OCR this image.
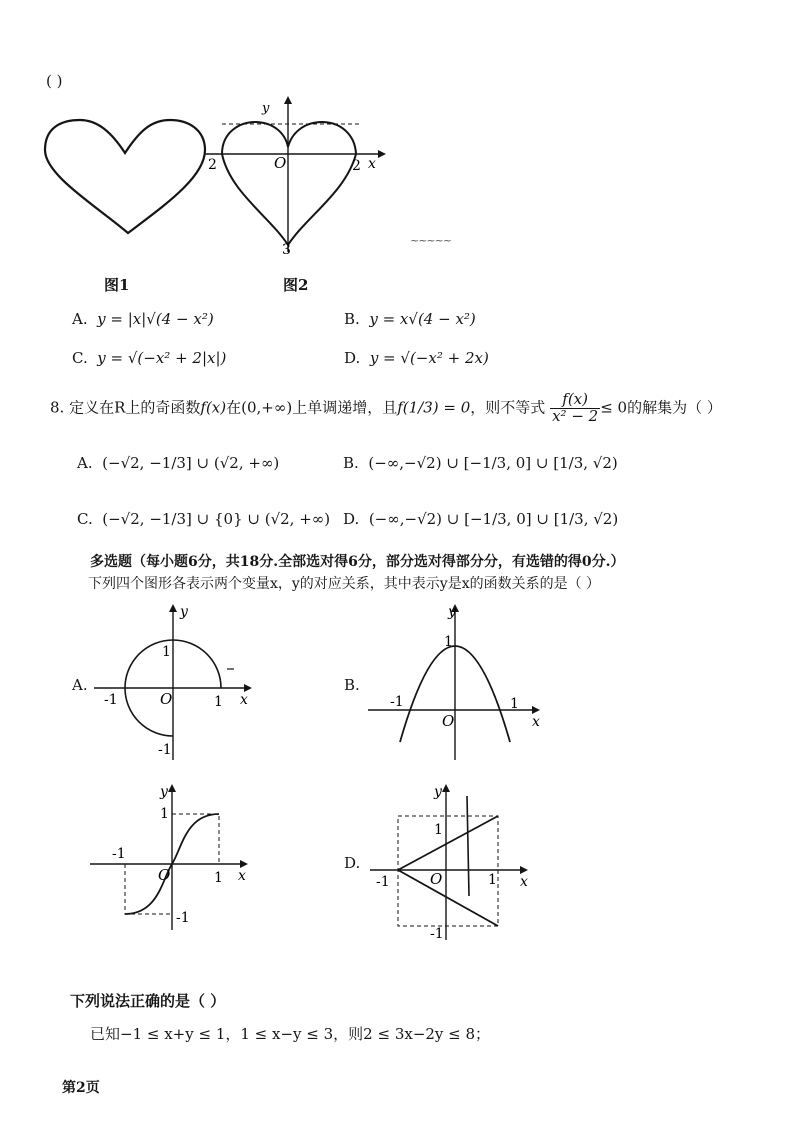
( )
y
x
O
2	2
3
~~~~~
图1	图2
A. y = |x|√(4 − x²)	B. y = x√(4 − x²)
C. y = √(−x² + 2|x|)	D. y = √(−x² + 2x)
8. 定义在R上的奇函数f(x)在(0,+∞)上单调递增，且f(1/3) = 0，则不等式 $\frac{f(x)}{\text{x² − 2}} \le 0$的解集为（ ）
A. (−√2, −1/3] ∪ (√2, +∞)	B. (−∞,−√2) ∪ [−1/3, 0] ∪ [1/3, √2)
C. (−√2, −1/3] ∪ {0} ∪ (√2, +∞) D. (−∞,−√2) ∪ [−1/3, 0] ∪ [1/3, √2)
多选题（每小题6分，共18分.全部选对得6分，部分选对得部分分，有选错的得0分.）
下列四个图形各表示两个变量x，y的对应关系，其中表示y是x的函数关系的是（ ）
A.
y
x
O	1
-1
1
-1
B.
y
x
O
1
-1
1
y
x
O	1
-1
1
-1
D.
y
x
O	1
-1
1
-1
下列说法正确的是（ ）
已知−1 ≤ x+y ≤ 1，1 ≤ x−y ≤ 3，则2 ≤ 3x−2y ≤ 8；
第2页
